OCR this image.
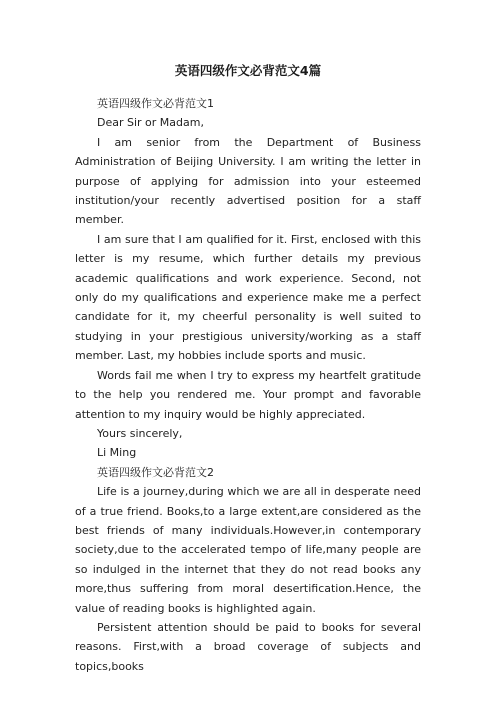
英语四级作文必背范文4篇

英语四级作文必背范文1

Dear Sir or Madam,

I am senior from the Department of Business Administration of Beijing University. I am writing the letter in purpose of applying for admission into your esteemed institution/your recently advertised position for a staff member.

I am sure that I am qualified for it. First, enclosed with this letter is my resume, which further details my previous academic qualifications and work experience. Second, not only do my qualifications and experience make me a perfect candidate for it, my cheerful personality is well suited to studying in your prestigious university/working as a staff member. Last, my hobbies include sports and music.

Words fail me when I try to express my heartfelt gratitude to the help you rendered me. Your prompt and favorable attention to my inquiry would be highly appreciated.

Yours sincerely,

Li Ming

英语四级作文必背范文2

Life is a journey,during which we are all in desperate need of a true friend. Books,to a large extent,are considered as the best friends of many individuals.However,in contemporary society,due to the accelerated tempo of life,many people are so indulged in the internet that they do not read books any more,thus suffering from moral desertification.Hence, the value of reading books is highlighted again.

Persistent attention should be paid to books for several reasons. First,with a broad coverage of subjects and topics,books
